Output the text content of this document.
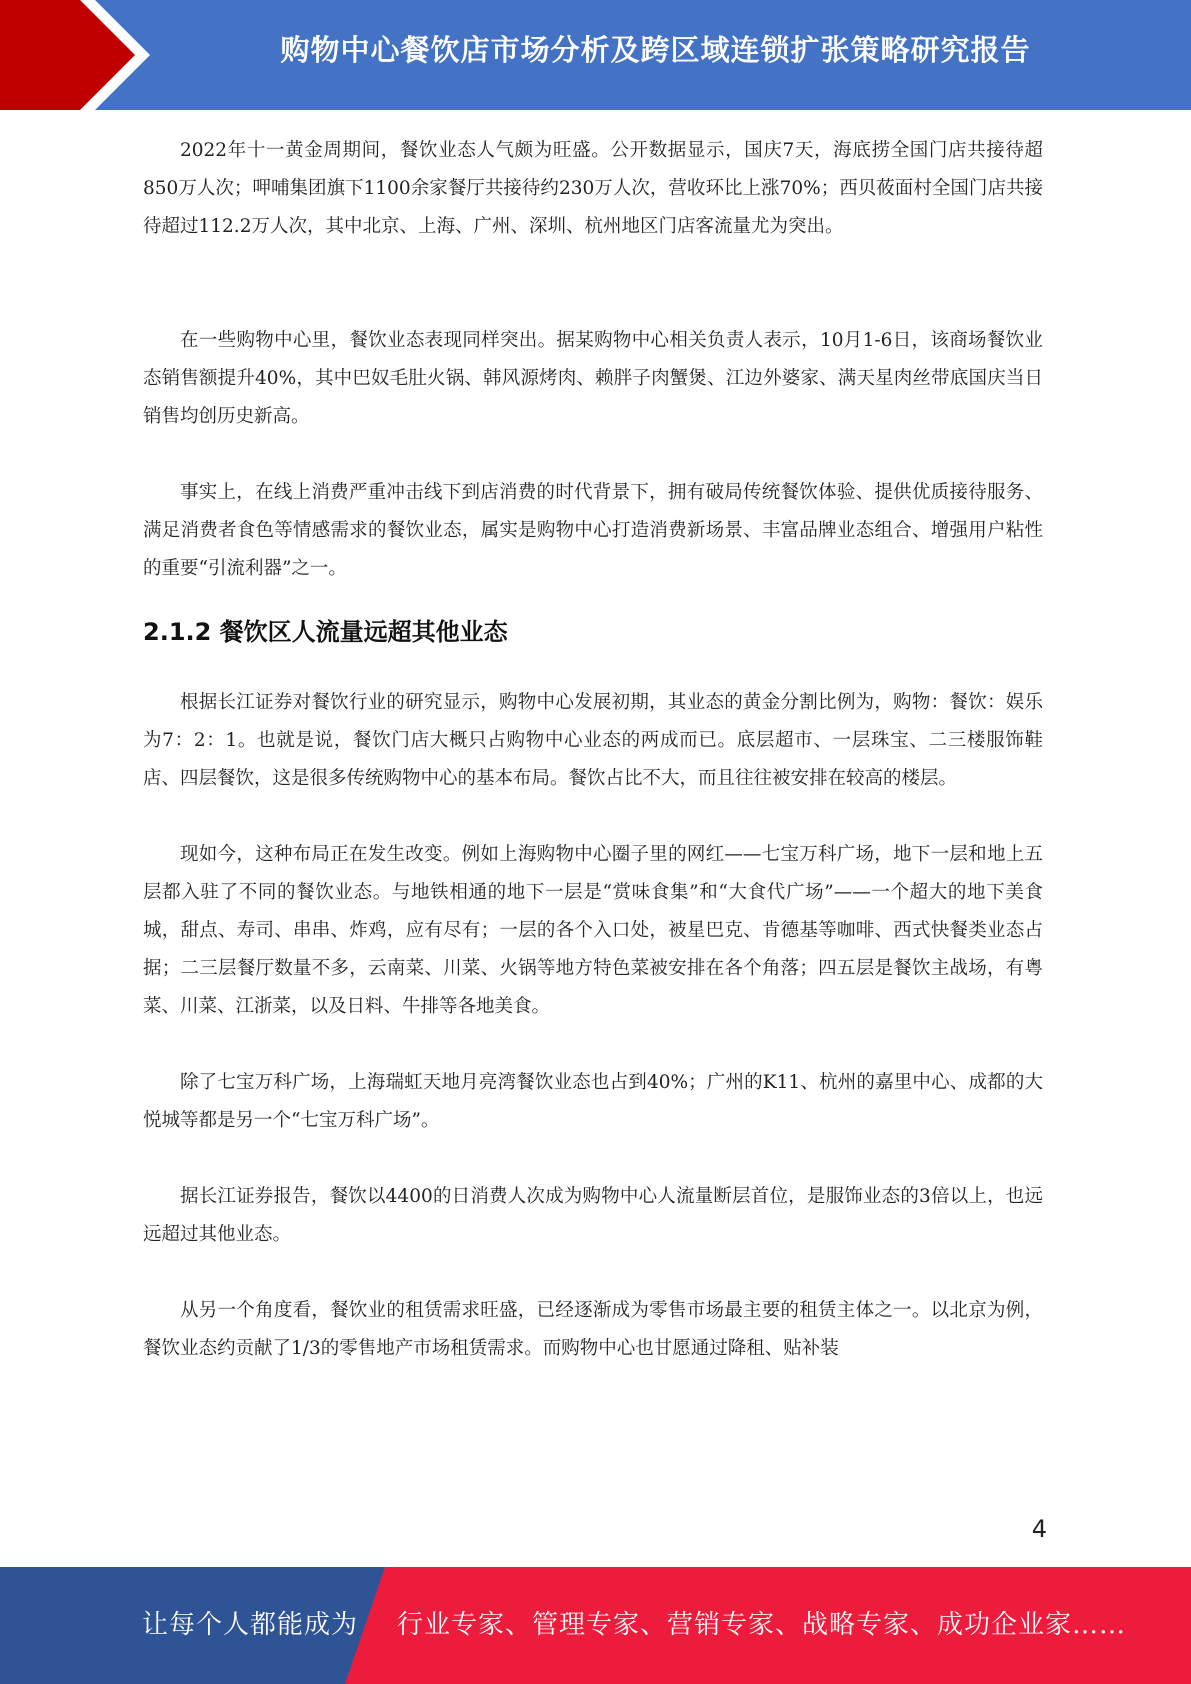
购物中心餐饮店市场分析及跨区域连锁扩张策略研究报告

2022年十一黄金周期间，餐饮业态人气颇为旺盛。公开数据显示，国庆7天，海底捞全国门店共接待超850万人次；呷哺集团旗下1100余家餐厅共接待约230万人次，营收环比上涨70%；西贝莜面村全国门店共接待超过112.2万人次，其中北京、上海、广州、深圳、杭州地区门店客流量尤为突出。

在一些购物中心里，餐饮业态表现同样突出。据某购物中心相关负责人表示，10月1-6日，该商场餐饮业态销售额提升40%，其中巴奴毛肚火锅、韩风源烤肉、赖胖子肉蟹煲、江边外婆家、满天星肉丝带底国庆当日销售均创历史新高。

事实上，在线上消费严重冲击线下到店消费的时代背景下，拥有破局传统餐饮体验、提供优质接待服务、满足消费者食色等情感需求的餐饮业态，属实是购物中心打造消费新场景、丰富品牌业态组合、增强用户粘性的重要“引流利器”之一。

2.1.2 餐饮区人流量远超其他业态

根据长江证券对餐饮行业的研究显示，购物中心发展初期，其业态的黄金分割比例为，购物：餐饮：娱乐为7：2：1。也就是说，餐饮门店大概只占购物中心业态的两成而已。底层超市、一层珠宝、二三楼服饰鞋店、四层餐饮，这是很多传统购物中心的基本布局。餐饮占比不大，而且往往被安排在较高的楼层。

现如今，这种布局正在发生改变。例如上海购物中心圈子里的网红——七宝万科广场，地下一层和地上五层都入驻了不同的餐饮业态。与地铁相通的地下一层是“赏味食集”和“大食代广场”——一个超大的地下美食城，甜点、寿司、串串、炸鸡，应有尽有；一层的各个入口处，被星巴克、肯德基等咖啡、西式快餐类业态占据；二三层餐厅数量不多，云南菜、川菜、火锅等地方特色菜被安排在各个角落；四五层是餐饮主战场，有粤菜、川菜、江浙菜，以及日料、牛排等各地美食。

除了七宝万科广场，上海瑞虹天地月亮湾餐饮业态也占到40%；广州的K11、杭州的嘉里中心、成都的大悦城等都是另一个“七宝万科广场”。

据长江证券报告，餐饮以4400的日消费人次成为购物中心人流量断层首位，是服饰业态的3倍以上，也远远超过其他业态。

从另一个角度看，餐饮业的租赁需求旺盛，已经逐渐成为零售市场最主要的租赁主体之一。以北京为例，餐饮业态约贡献了1/3的零售地产市场租赁需求。而购物中心也甘愿通过降租、贴补装

4
让每个人都能成为 行业专家、管理专家、营销专家、战略专家、成功企业家……
